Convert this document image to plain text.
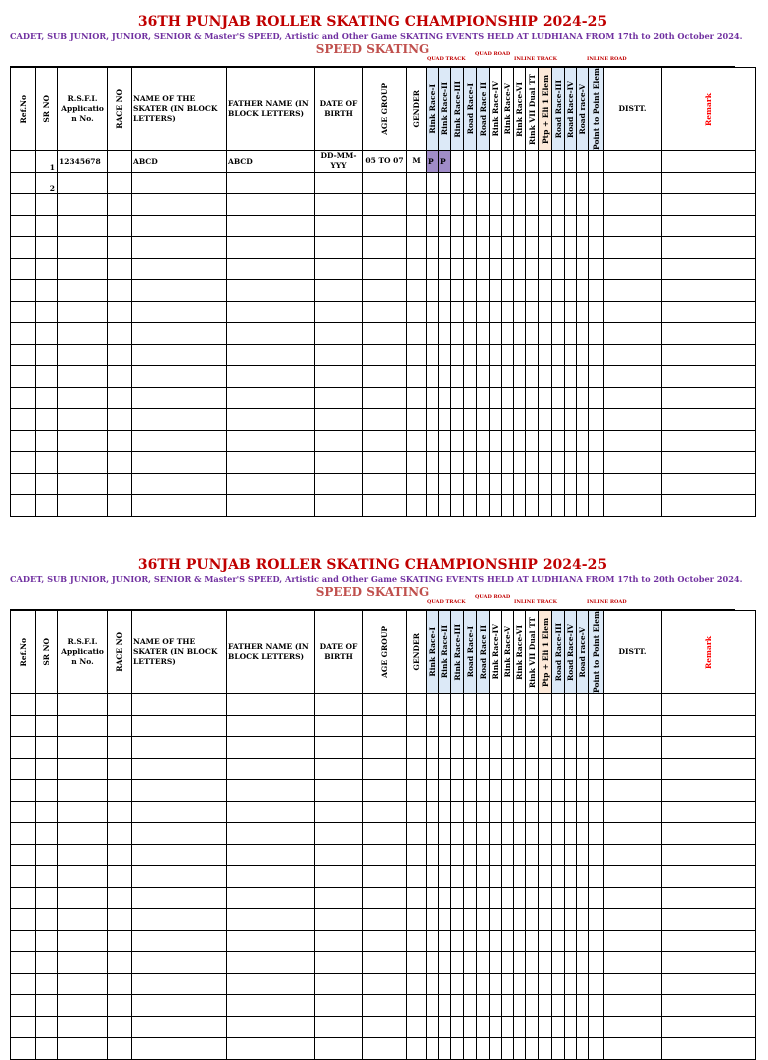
36TH PUNJAB ROLLER SKATING CHAMPIONSHIP 2024-25

CADET, SUB JUNIOR, JUNIOR, SENIOR & Master'S SPEED, Artistic and Other Game SKATING EVENTS HELD AT LUDHIANA FROM 17th to 20th October 2024.

SPEED SKATING

QUAD TRACK
QUAD ROAD
INLINE TRACK	INLINE ROAD
Ref.No	SR NO	R.S.F.I. Applicatio n No.	RACE NO	NAME OF THE SKATER (IN BLOCK LETTERS)	FATHER NAME (IN BLOCK LETTERS)	DATE OF BIRTH	AGE GROUP	GENDER	Rink Race-I	Rink Race-II	Rink Race-III	Road Race-I	Road Race II	Rink Race-IV	Rink Race-V	Rink Race-VI	Rink VII Dual TT	Ptp + Eli 1 Elem	Road Race-III	Road Race-IV	Road race-V	Point to Point Elem	DISTT.	Remark

	1	12345678		ABCD	ABCD	DD-MM-YYY	05 TO 07	M	P	P														
	2																							

36TH PUNJAB ROLLER SKATING CHAMPIONSHIP 2024-25

CADET, SUB JUNIOR, JUNIOR, SENIOR & Master'S SPEED, Artistic and Other Game SKATING EVENTS HELD AT LUDHIANA FROM 17th to 20th October 2024.

SPEED SKATING

QUAD TRACK
QUAD ROAD
INLINE TRACK	INLINE ROAD
Ref.No	SR NO	R.S.F.I. Applicatio n No.	RACE NO	NAME OF THE SKATER (IN BLOCK LETTERS)	FATHER NAME (IN BLOCK LETTERS)	DATE OF BIRTH	AGE GROUP	GENDER	Rink Race-I	Rink Race-II	Rink Race-III	Road Race-I	Road Race II	Rink Race-IV	Rink Race-V	Rink Race-VI	Rink VII Dual TT	Ptp + Eli 1 Elem	Road Race-III	Road Race-IV	Road race-V	Point to Point Elem	DISTT.	Remark
